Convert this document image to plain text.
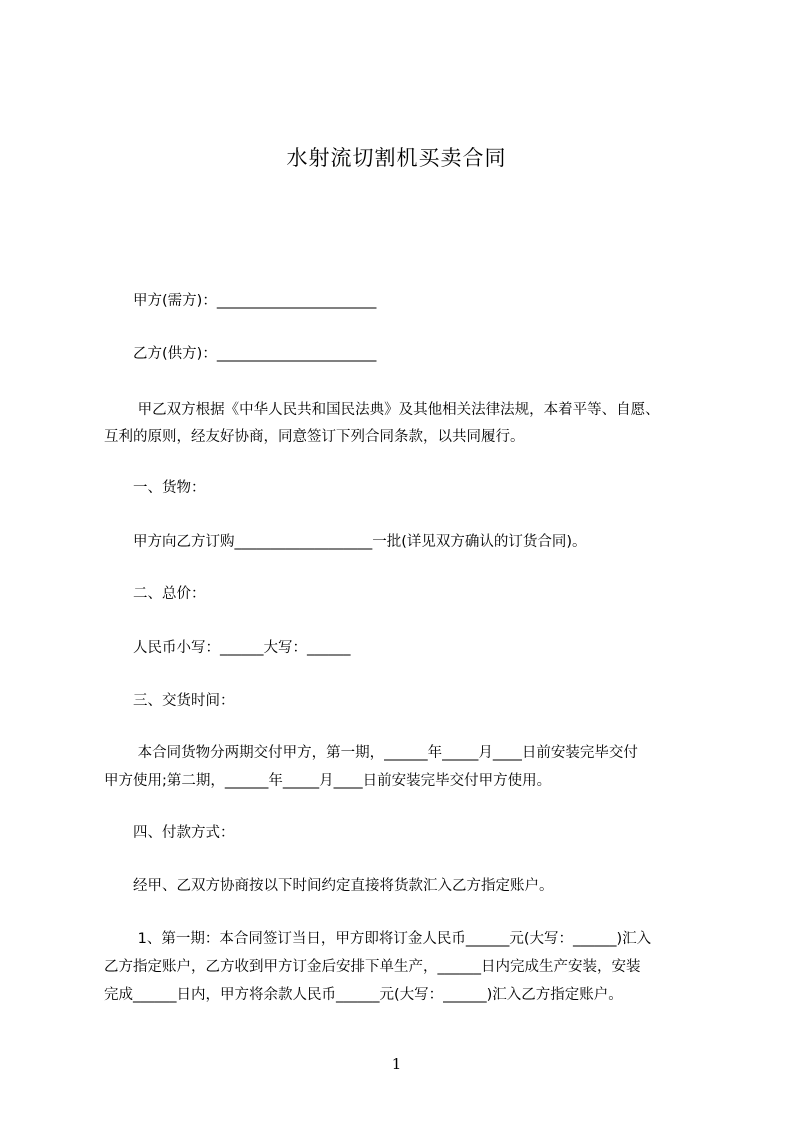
水射流切割机买卖合同
　　甲方(需方)：______________________
　　乙方(供方)：______________________
　　 甲乙双方根据《中华人民共和国民法典》及其他相关法律法规，本着平等、自愿、
互利的原则，经友好协商，同意签订下列合同条款，以共同履行。
　　一、货物：
　　甲方向乙方订购___________________一批(详见双方确认的订货合同)。
　　二、总价：
　　人民币小写：______大写：______
　　三、交货时间：
　　 本合同货物分两期交付甲方，第一期，______年_____月____日前安装完毕交付
甲方使用;第二期，______年_____月____日前安装完毕交付甲方使用。
　　四、付款方式：
　　经甲、乙双方协商按以下时间约定直接将货款汇入乙方指定账户。
　　 1、第一期：本合同签订当日，甲方即将订金人民币______元(大写：______)汇入
乙方指定账户，乙方收到甲方订金后安排下单生产，______日内完成生产安装，安装
完成______日内，甲方将余款人民币______元(大写：______)汇入乙方指定账户。
1
